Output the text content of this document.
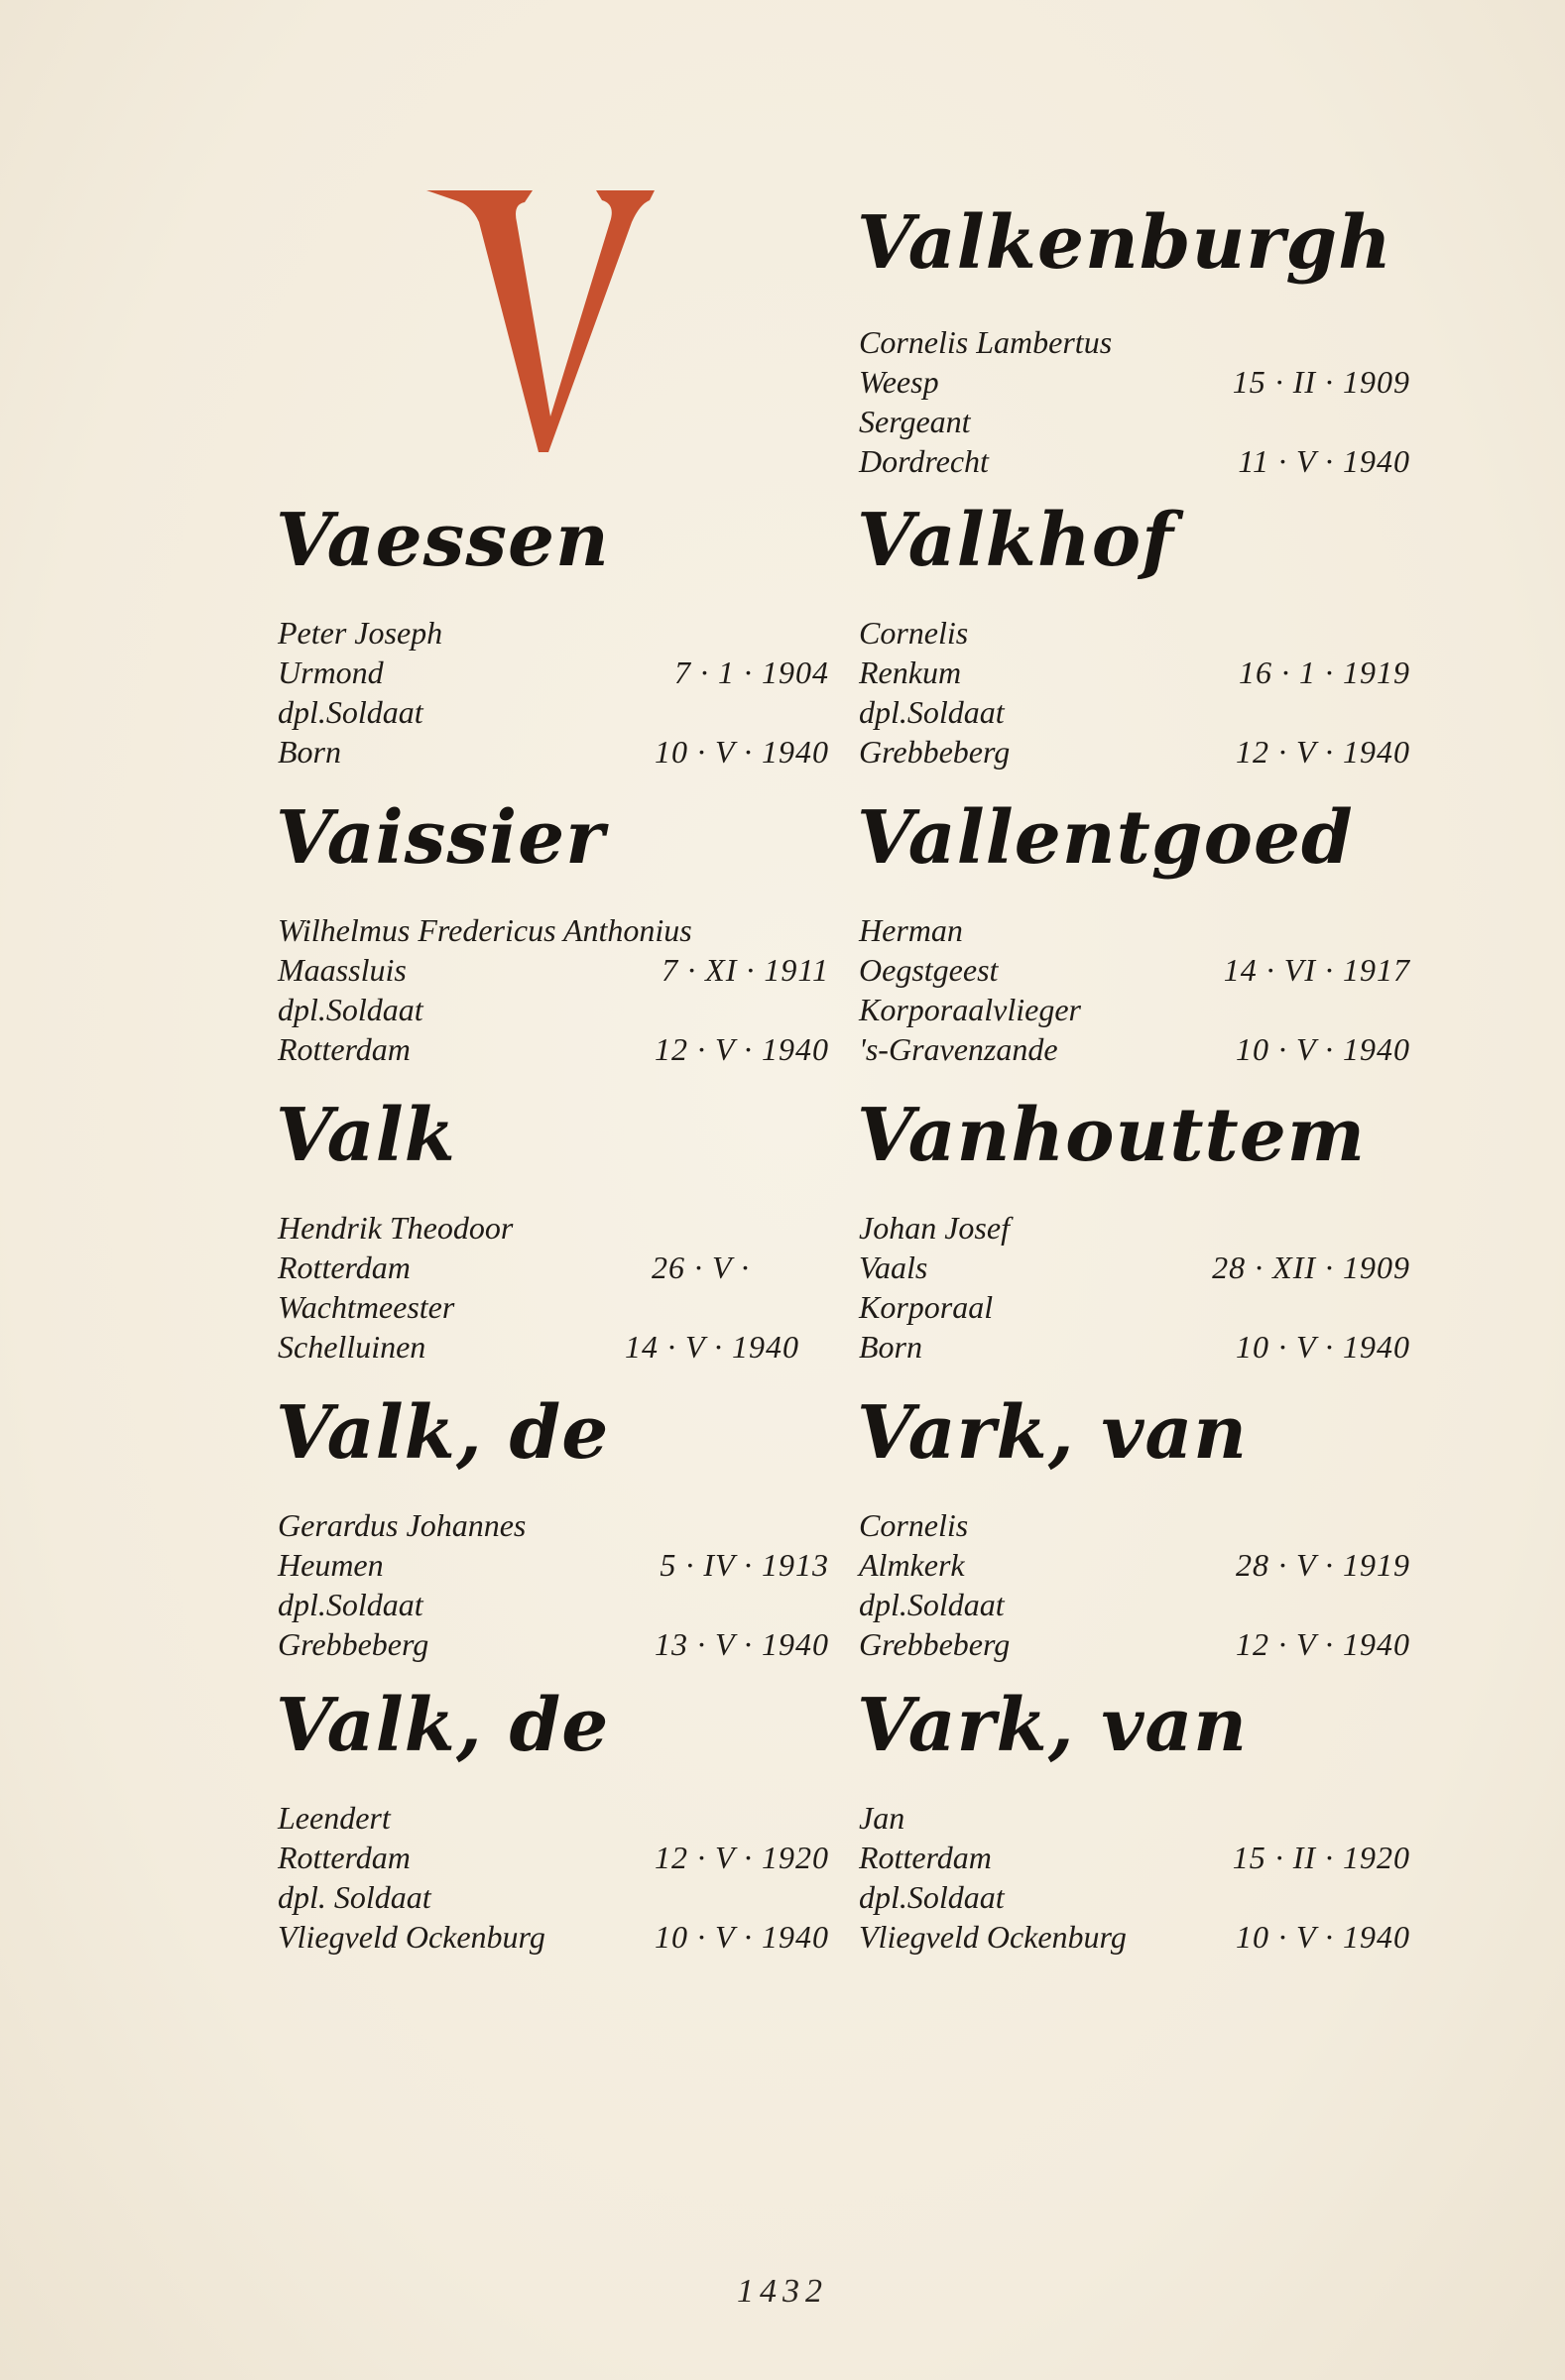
Valkenburgh
Cornelis Lambertus
Weesp	15 · II · 1909
Sergeant
Dordrecht	11 · V · 1940
Vaessen
Peter Joseph
Urmond	7 · 1 · 1904
dpl.Soldaat
Born	10 · V · 1940
Valkhof
Cornelis
Renkum	16 · 1 · 1919
dpl.Soldaat
Grebbeberg	12 · V · 1940
Vaissier
Wilhelmus Fredericus Anthonius
Maassluis	7 · XI · 1911
dpl.Soldaat
Rotterdam	12 · V · 1940
Vallentgoed
Herman
Oegstgeest	14 · VI · 1917
Korporaalvlieger
's-Gravenzande	10 · V · 1940
Valk
Hendrik Theodoor
Rotterdam	26 · V ·
Wachtmeester
Schelluinen	14 · V · 1940
Vanhouttem
Johan Josef
Vaals	28 · XII · 1909
Korporaal
Born	10 · V · 1940
Valk, de
Gerardus Johannes
Heumen	5 · IV · 1913
dpl.Soldaat
Grebbeberg	13 · V · 1940
Vark, van
Cornelis
Almkerk	28 · V · 1919
dpl.Soldaat
Grebbeberg	12 · V · 1940
Valk, de
Leendert
Rotterdam	12 · V · 1920
dpl. Soldaat
Vliegveld Ockenburg	10 · V · 1940
Vark, van
Jan
Rotterdam	15 · II · 1920
dpl.Soldaat
Vliegveld Ockenburg	10 · V · 1940
1432
